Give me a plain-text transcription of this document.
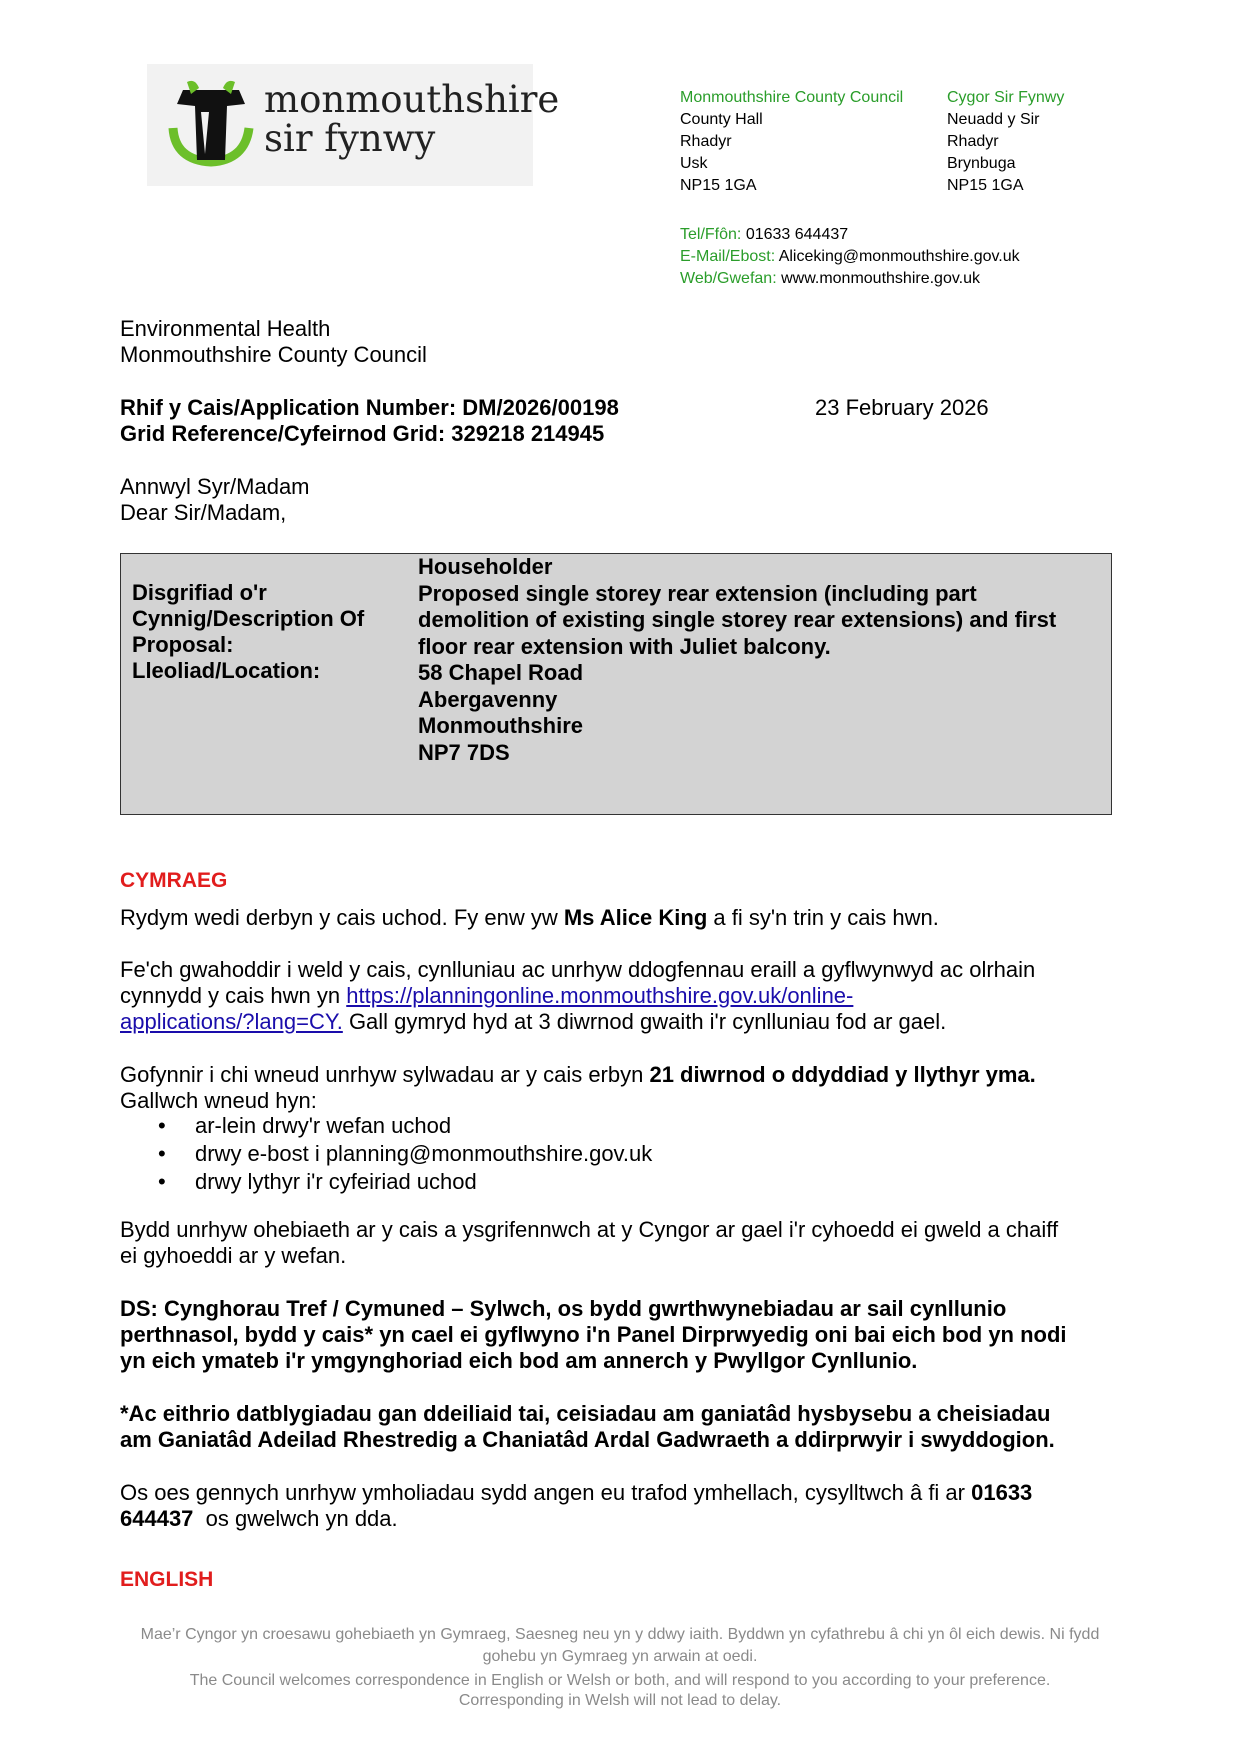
monmouthshire
sir fynwy
Monmouthshire County Council
County Hall
Rhadyr
Usk
NP15 1GA
Cygor Sir Fynwy
Neuadd y Sir
Rhadyr
Brynbuga
NP15 1GA
Tel/Ffôn: 01633 644437
E-Mail/Ebost: Aliceking@monmouthshire.gov.uk
Web/Gwefan: www.monmouthshire.gov.uk
Environmental Health
Monmouthshire County Council
Rhif y Cais/Application Number: DM/2026/00198
Grid Reference/Cyfeirnod Grid: 329218 214945
23 February 2026
Annwyl Syr/Madam
Dear Sir/Madam,
Disgrifiad o'r
Cynnig/Description Of
Proposal:
Lleoliad/Location:
Householder
Proposed single storey rear extension (including part
demolition of existing single storey rear extensions) and first
floor rear extension with Juliet balcony.
58 Chapel Road
Abergavenny
Monmouthshire
NP7 7DS
CYMRAEG
Rydym wedi derbyn y cais uchod. Fy enw yw Ms Alice King a fi sy'n trin y cais hwn.
Fe'ch gwahoddir i weld y cais, cynlluniau ac unrhyw ddogfennau eraill a gyflwynwyd ac olrhain
cynnydd y cais hwn yn https://planningonline.monmouthshire.gov.uk/online-
applications/?lang=CY. Gall gymryd hyd at 3 diwrnod gwaith i'r cynlluniau fod ar gael.
Gofynnir i chi wneud unrhyw sylwadau ar y cais erbyn 21 diwrnod o ddyddiad y llythyr yma.
Gallwch wneud hyn:
• ar-lein drwy'r wefan uchod
• drwy e-bost i planning@monmouthshire.gov.uk
• drwy lythyr i'r cyfeiriad uchod
Bydd unrhyw ohebiaeth ar y cais a ysgrifennwch at y Cyngor ar gael i'r cyhoedd ei gweld a chaiff
ei gyhoeddi ar y wefan.
DS: Cynghorau Tref / Cymuned – Sylwch, os bydd gwrthwynebiadau ar sail cynllunio
perthnasol, bydd y cais* yn cael ei gyflwyno i'n Panel Dirprwyedig oni bai eich bod yn nodi
yn eich ymateb i'r ymgynghoriad eich bod am annerch y Pwyllgor Cynllunio.
*Ac eithrio datblygiadau gan ddeiliaid tai, ceisiadau am ganiatâd hysbysebu a cheisiadau
am Ganiatâd Adeilad Rhestredig a Chaniatâd Ardal Gadwraeth a ddirprwyir i swyddogion.
Os oes gennych unrhyw ymholiadau sydd angen eu trafod ymhellach, cysylltwch â fi ar 01633
644437  os gwelwch yn dda.
ENGLISH
Mae’r Cyngor yn croesawu gohebiaeth yn Gymraeg, Saesneg neu yn y ddwy iaith. Byddwn yn cyfathrebu â chi yn ôl eich dewis. Ni fydd
gohebu yn Gymraeg yn arwain at oedi.
The Council welcomes correspondence in English or Welsh or both, and will respond to you according to your preference.
Corresponding in Welsh will not lead to delay.
